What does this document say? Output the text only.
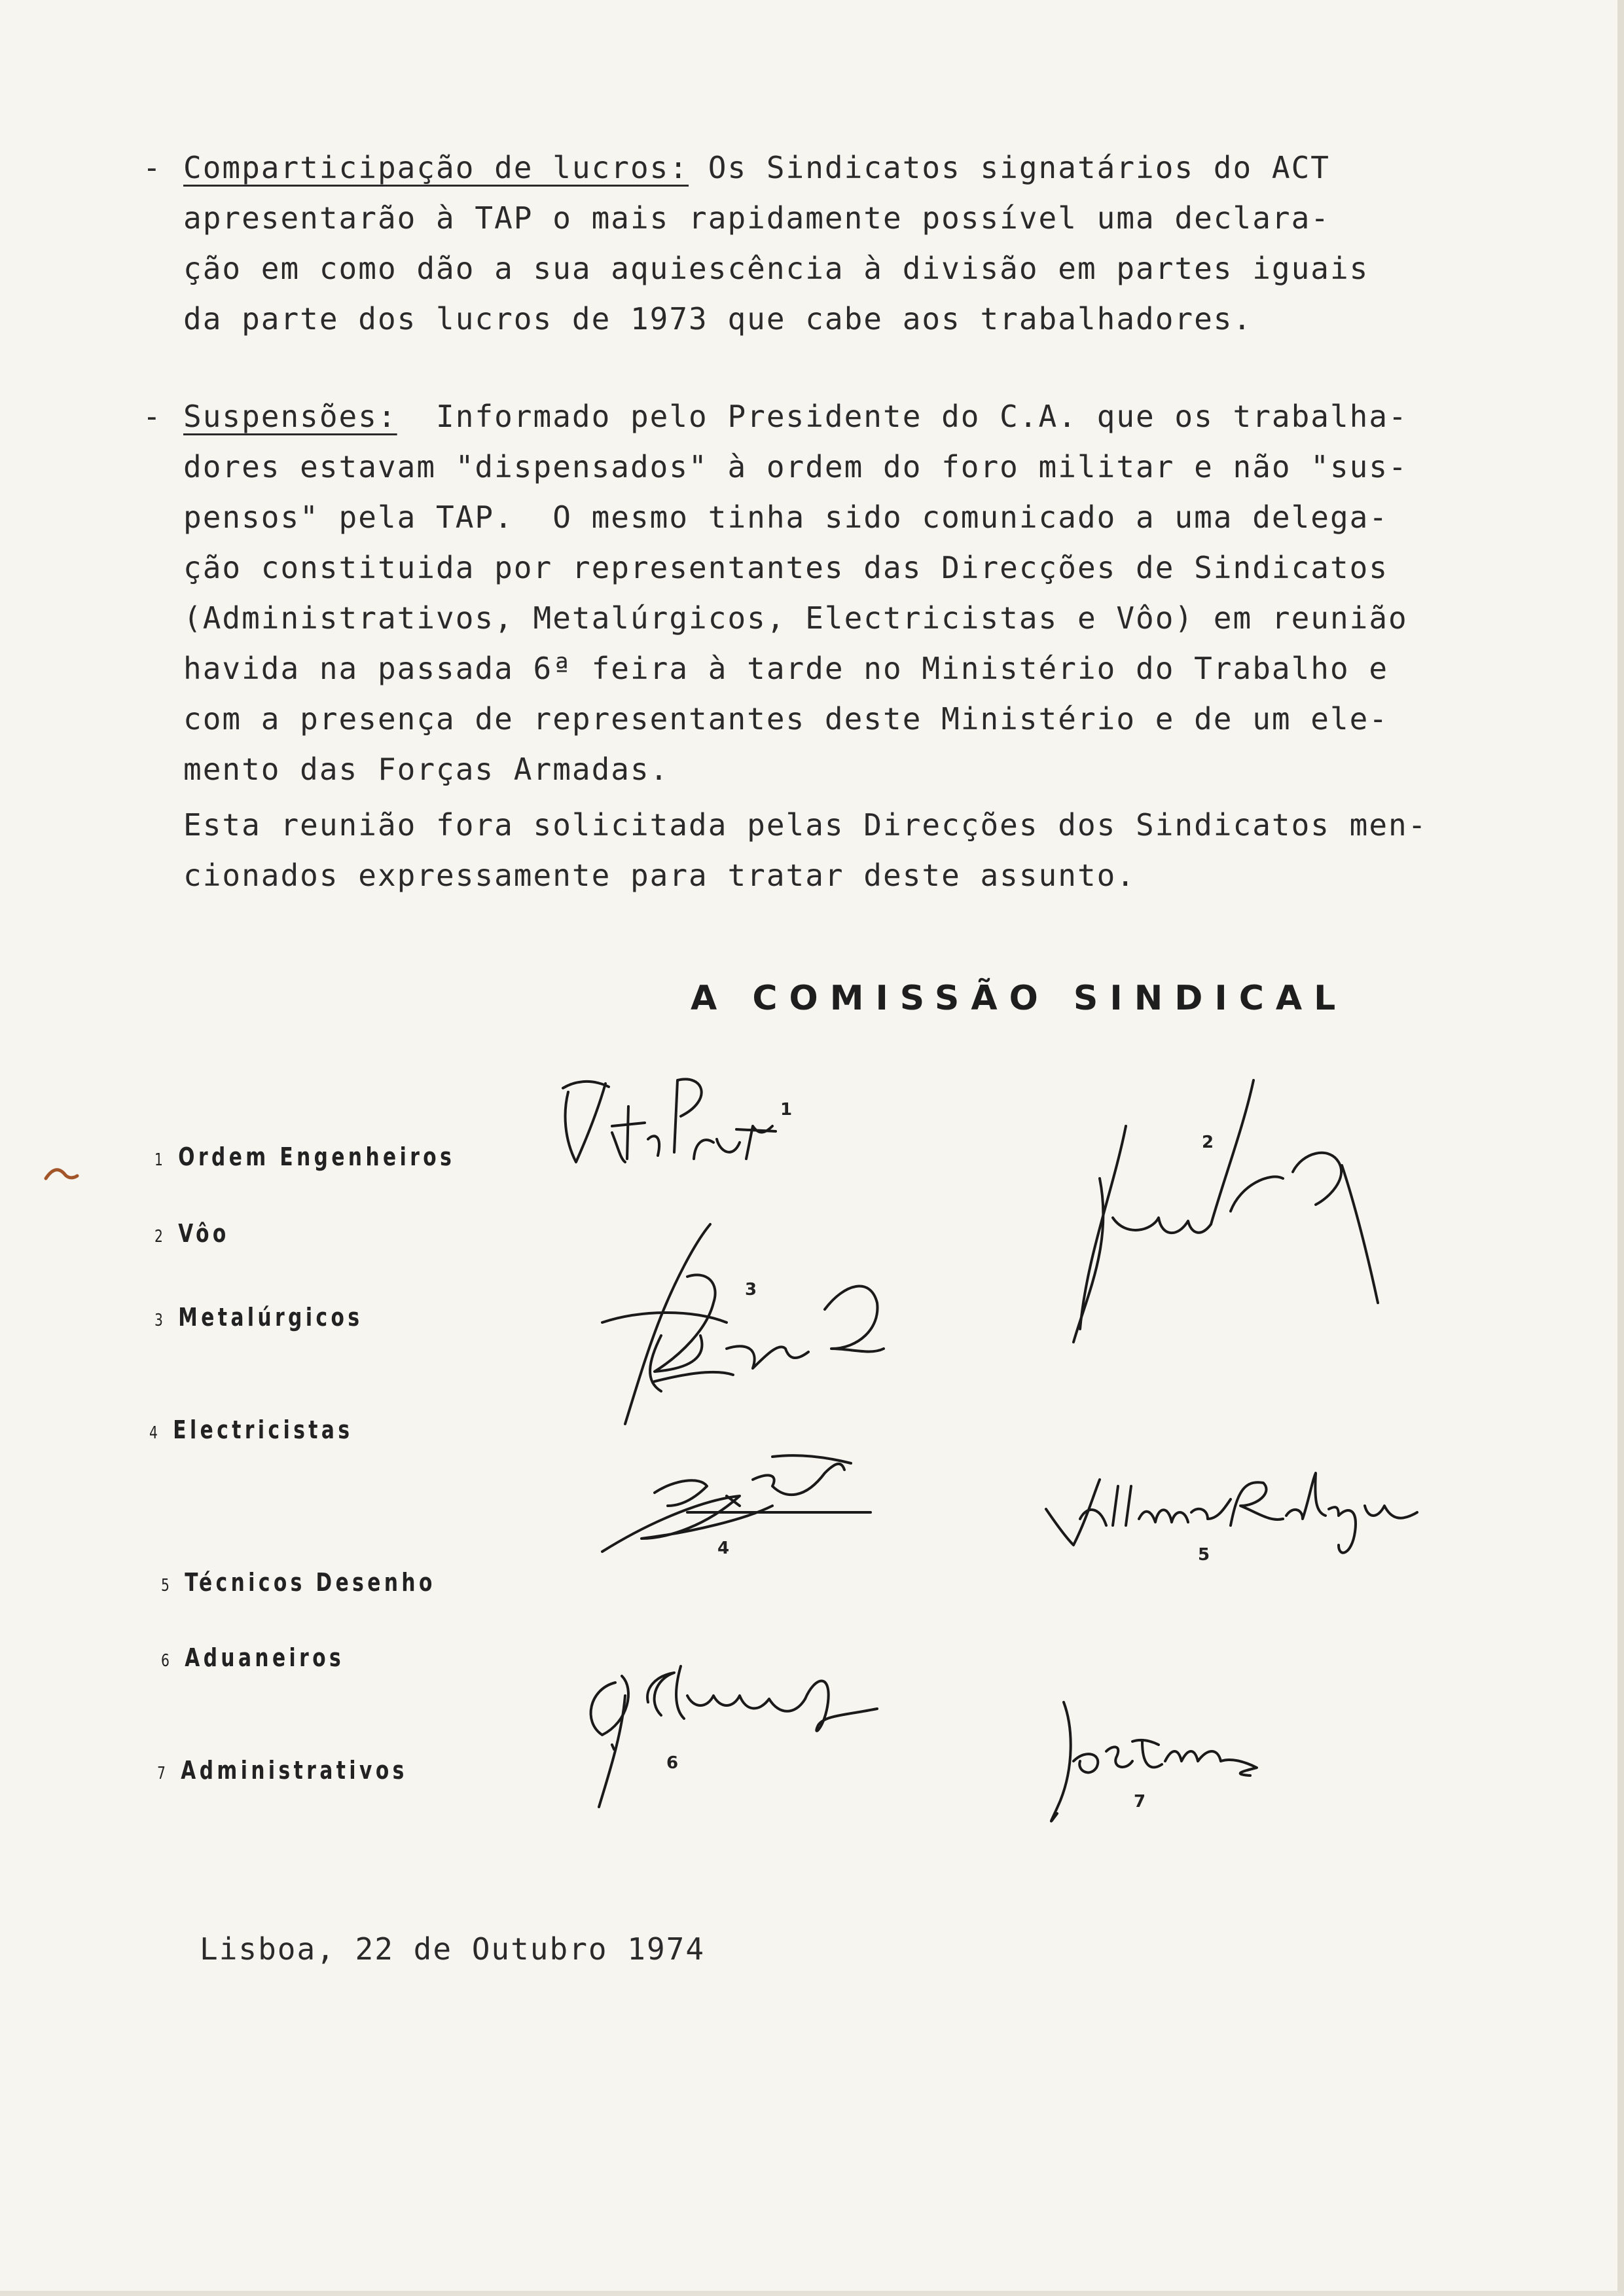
- Comparticipação de lucros: Os Sindicatos signatários do ACT
apresentarão à TAP o mais rapidamente possível uma declara-
ção em como dão a sua aquiescência à divisão em partes iguais
da parte dos lucros de 1973 que cabe aos trabalhadores.
- Suspensões:  Informado pelo Presidente do C.A. que os trabalha-
dores estavam "dispensados" à ordem do foro militar e não "sus-
pensos" pela TAP.  O mesmo tinha sido comunicado a uma delega-
ção constituida por representantes das Direcções de Sindicatos
(Administrativos, Metalúrgicos, Electricistas e Vôo) em reunião
havida na passada 6ª feira à tarde no Ministério do Trabalho e
com a presença de representantes deste Ministério e de um ele-
mento das Forças Armadas.
Esta reunião fora solicitada pelas Direcções dos Sindicatos men-
cionados expressamente para tratar deste assunto.
A COMISSÃO SINDICAL
1 Ordem Engenheiros
2 Vôo
3 Metalúrgicos
4 Electricistas
5 Técnicos Desenho
6 Aduaneiros
7 Administrativos
1
2
3
4	5
6
7
Lisboa, 22 de Outubro 1974
